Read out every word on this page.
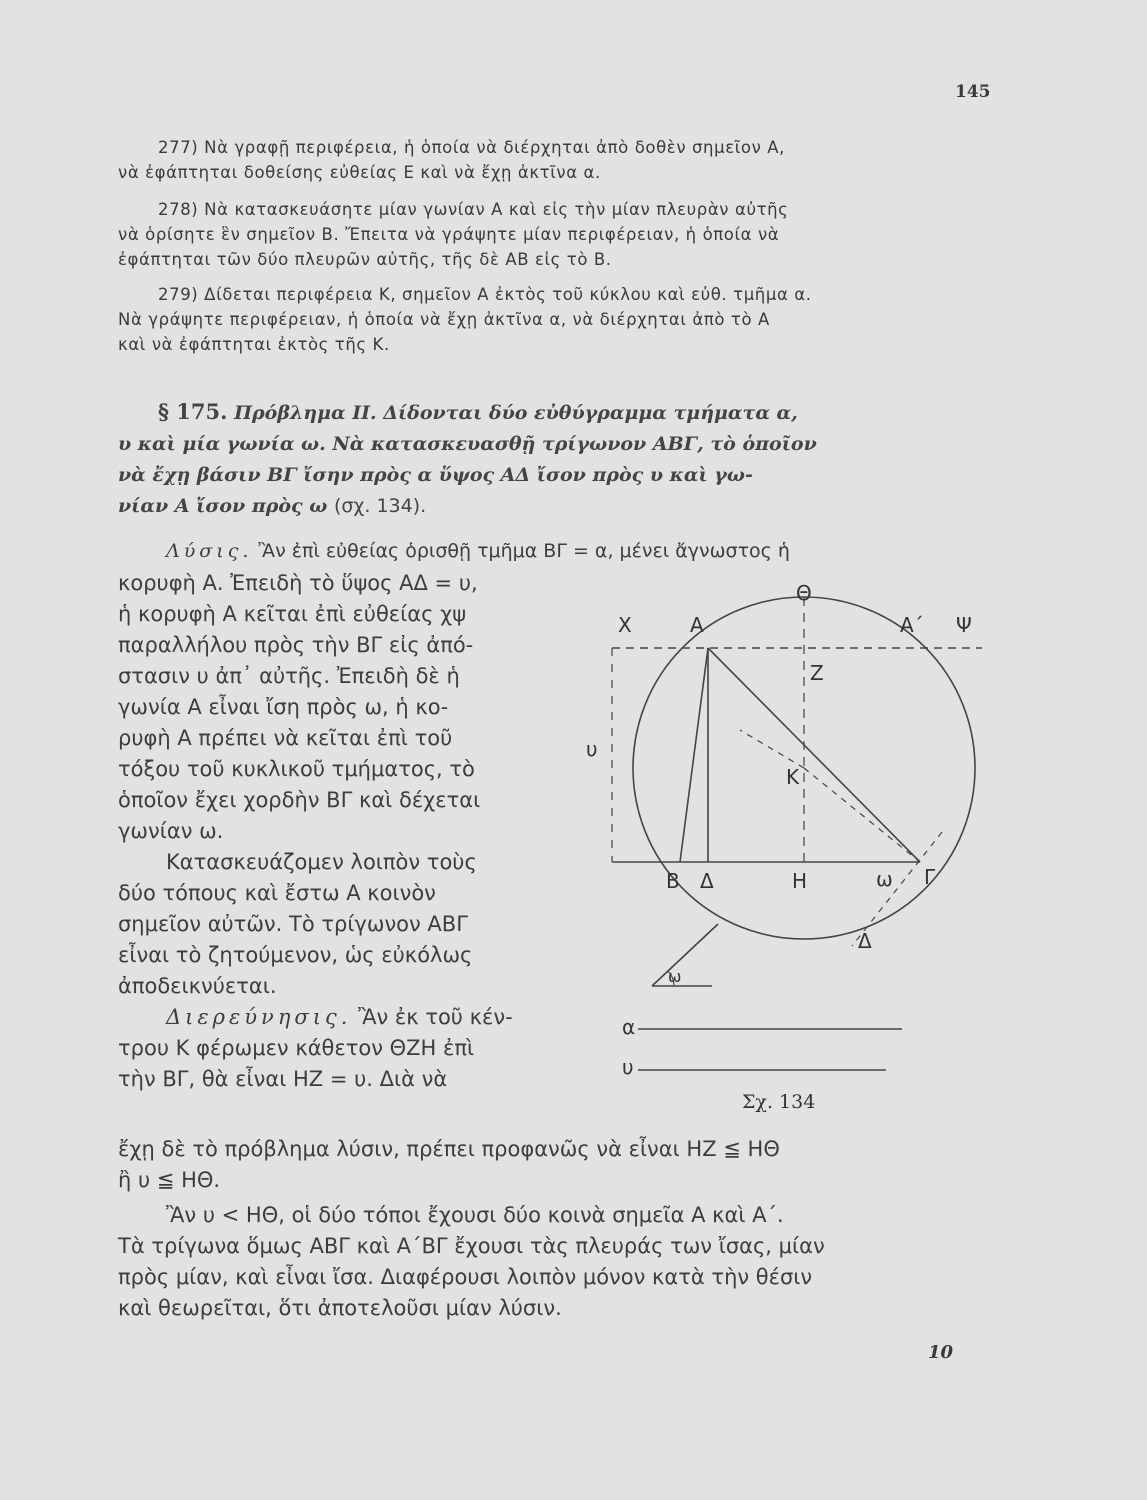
145

277) Νὰ γραφῇ περιφέρεια, ἡ ὁποία νὰ διέρχηται ἀπὸ δοθὲν σημεῖον Α,

νὰ ἐφάπτηται δοθείσης εὐθείας Ε καὶ νὰ ἔχῃ ἀκτῖνα α.

278) Νὰ κατασκευάσητε μίαν γωνίαν Α καὶ εἰς τὴν μίαν πλευρὰν αὐτῆς

νὰ ὁρίσητε ἓν σημεῖον Β. Ἔπειτα νὰ γράψητε μίαν περιφέρειαν, ἡ ὁποία νὰ

ἐφάπτηται τῶν δύο πλευρῶν αὐτῆς, τῆς δὲ ΑΒ εἰς τὸ Β.

279) Δίδεται περιφέρεια Κ, σημεῖον Α ἐκτὸς τοῦ κύκλου καὶ εὐθ. τμῆμα α.

Νὰ γράψητε περιφέρειαν, ἡ ὁποία νὰ ἔχῃ ἀκτῖνα α, νὰ διέρχηται ἀπὸ τὸ Α

καὶ νὰ ἐφάπτηται ἐκτὸς τῆς Κ.

§ 175. Πρόβλημα ΙΙ. Δίδονται δύο εὐθύγραμμα τμήματα α,
υ καὶ μία γωνία ω. Νὰ κατασκευασθῇ τρίγωνον ΑΒΓ, τὸ ὁποῖον
νὰ ἔχῃ βάσιν ΒΓ ἴσην πρὸς α ὕψος ΑΔ ἴσον πρὸς υ καὶ γω-
νίαν Α ἴσον πρὸς ω (σχ. 134).

Λύσις. Ἂν ἐπὶ εὐθείας ὁρισθῇ τμῆμα ΒΓ = α, μένει ἄγνωστος ἡ

κορυφὴ Α. Ἐπειδὴ τὸ ὕψος ΑΔ = υ,

ἡ κορυφὴ Α κεῖται ἐπὶ εὐθείας χψ

παραλλήλου πρὸς τὴν ΒΓ εἰς ἀπό-

στασιν υ ἀπ᾽ αὐτῆς. Ἐπειδὴ δὲ ἡ

γωνία Α εἶναι ἴση πρὸς ω, ἡ κο-

ρυφὴ Α πρέπει νὰ κεῖται ἐπὶ τοῦ

τόξου τοῦ κυκλικοῦ τμήματος, τὸ

ὁποῖον ἔχει χορδὴν ΒΓ καὶ δέχεται

γωνίαν ω.

Κατασκευάζομεν λοιπὸν τοὺς

δύο τόπους καὶ ἔστω Α κοινὸν

σημεῖον αὐτῶν. Τὸ τρίγωνον ΑΒΓ

εἶναι τὸ ζητούμενον, ὡς εὐκόλως

ἀποδεικνύεται.

Διερεύνησις. Ἂν ἐκ τοῦ κέν-

τρου Κ φέρωμεν κάθετον ΘΖΗ ἐπὶ

τὴν ΒΓ, θὰ εἶναι ΗΖ = υ. Διὰ νὰ

ἔχῃ δὲ τὸ πρόβλημα λύσιν, πρέπει προφανῶς νὰ εἶναι ΗΖ ≦ ΗΘ

ἢ υ ≦ ΗΘ.

Ἂν υ < ΗΘ, οἱ δύο τόποι ἔχουσι δύο κοινὰ σημεῖα Α καὶ Α΄.

Τὰ τρίγωνα ὅμως ΑΒΓ καὶ Α΄ΒΓ ἔχουσι τὰς πλευράς των ἴσας, μίαν

πρὸς μίαν, καὶ εἶναι ἴσα. Διαφέρουσι λοιπὸν μόνον κατὰ τὴν θέσιν

καὶ θεωρεῖται, ὅτι ἀποτελοῦσι μίαν λύσιν.

Θ
Χ	Α	Α΄ Ψ
Ζ
υ
Κ
Β Δ	Η	ω Γ
Δ
ω
α
υ
Σχ. 134
10
